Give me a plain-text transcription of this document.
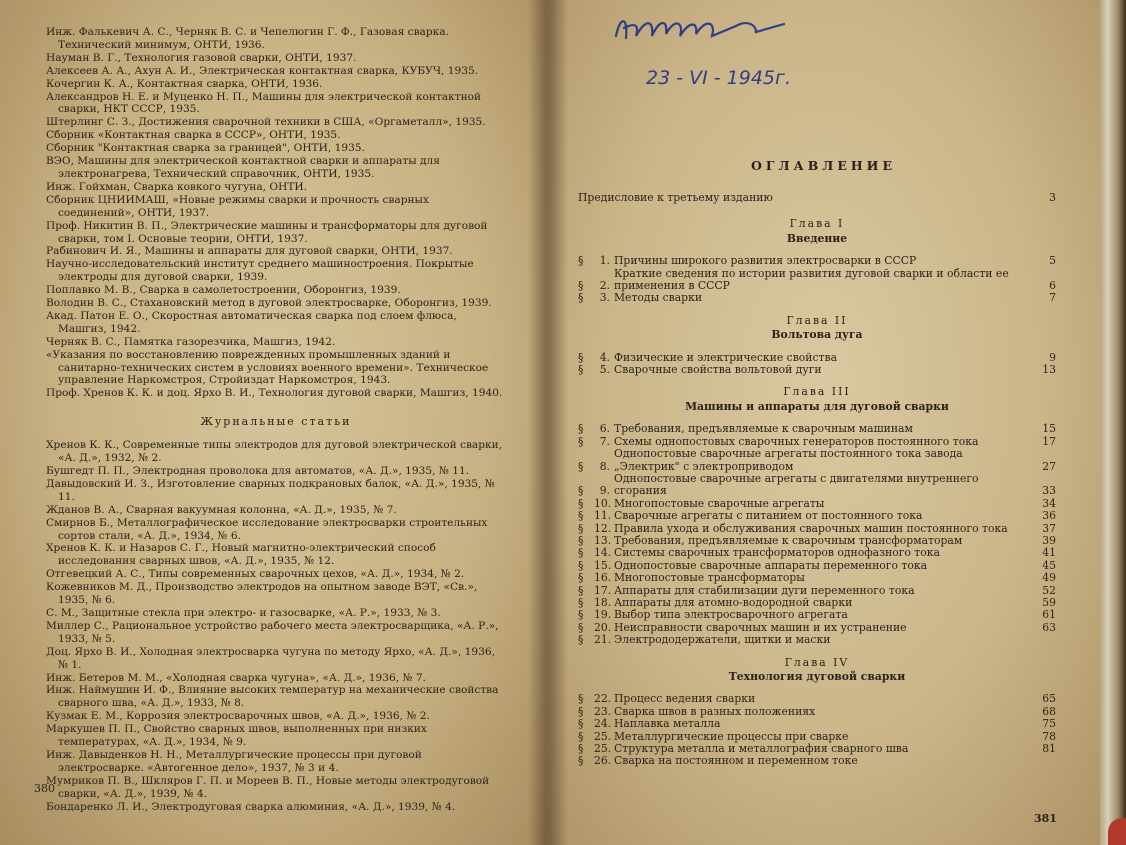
Инж. Фалькевич А. С., Черняк В. С. и Чепелюгин Г. Ф., Газовая сварка. Технический минимум, ОНТИ, 1936.

Науман В. Г., Технология газовой сварки, ОНТИ, 1937.

Алексеев А. А., Ахун А. И., Электрическая контактная сварка, КУБУЧ, 1935.

Кочергин К. А., Контактная сварка, ОНТИ, 1936.

Александров Н. Е. и Муценко Н. П., Машины для электрической контактной сварки, НКТ СССР, 1935.

Штерлинг С. З., Достижения сварочной техники в США, «Оргаметалл», 1935.

Сборник «Контактная сварка в СССР», ОНТИ, 1935.

Сборник "Контактная сварка за границей", ОНТИ, 1935.

ВЭО, Машины для электрической контактной сварки и аппараты для электронагрева, Технический справочник, ОНТИ, 1935.

Инж. Гойхман, Сварка ковкого чугуна, ОНТИ.

Сборник ЦНИИМАШ, «Новые режимы сварки и прочность сварных соединений», ОНТИ, 1937.

Проф. Никитин В. П., Электрические машины и трансформаторы для дуговой сварки, том I. Основые теории, ОНТИ, 1937.

Рабинович И. Я., Машины и аппараты для дуговой сварки, ОНТИ, 1937.

Научно-исследовательский институт среднего машиностроения. Покрытые электроды для дуговой сварки, 1939.

Поплавко М. В., Сварка в самолетостроении, Оборонгиз, 1939.

Володин В. С., Стахановский метод в дуговой электросварке, Оборонгиз, 1939.

Акад. Патон Е. О., Скоростная автоматическая сварка под слоем флюса, Машгиз, 1942.

Черняк В. С., Памятка газорезчика, Машгиз, 1942.

«Указания по восстановлению поврежденных промышленных зданий и санитарно-технических систем в условиях военного времени». Техническое управление Наркомстроя, Стройиздат Наркомстроя, 1943.

Проф. Хренов К. К. и доц. Ярхо В. И., Технология дуговой сварки, Машгиз, 1940.

Журнальные статьи

Хренов К. К., Современные типы электродов для дуговой электрической сварки, «А. Д.», 1932, № 2.

Бушгедт П. П., Электродная проволока для автоматов, «А. Д.», 1935, № 11.

Давыдовский И. З., Изготовление сварных подкрановых балок, «А. Д.», 1935, № 11.

Жданов В. А., Сварная вакуумная колонна, «А. Д.», 1935, № 7.

Смирнов Б., Металлографическое исследование электросварки строительных сортов стали, «А. Д.», 1934, № 6.

Хренов К. К. и Назаров С. Г., Новый магнитно-электрический способ исследования сварных швов, «А. Д.», 1935, № 12.

Отгевецкий А. С., Типы современных сварочных цехов, «А. Д.», 1934, № 2.

Кожевников М. Д., Производство электродов на опытном заводе ВЭТ, «Св.», 1935, № 6.

С. М., Защитные стекла при электро- и газосварке, «А. Р.», 1933, № 3.

Миллер С., Рациональное устройство рабочего места электросварщика, «А. Р.», 1933, № 5.

Доц. Ярхо В. И., Холодная электросварка чугуна по методу Ярхо, «А. Д.», 1936, № 1.

Инж. Бетеров М. М., «Холодная сварка чугуна», «А. Д.», 1936, № 7.

Инж. Наймушин И. Ф., Влияние высоких температур на механические свойства сварного шва, «А. Д.», 1933, № 8.

Кузмак Е. М., Коррозия электросварочных швов, «А. Д.», 1936, № 2.

Маркушев П. П., Свойство сварных швов, выполненных при низких температурах, «А. Д.», 1934, № 9.

Инж. Давыденков Н. Н., Металлургические процессы при дуговой электросварке. «Автогенное дело», 1937, № 3 и 4.

Мумриков П. В., Шкляров Г. П. и Мореев В. П., Новые методы электродуговой сварки, «А. Д.», 1939, № 4.

Бондаренко Л. И., Электродуговая сварка алюминия, «А. Д.», 1939, № 4.

380
23 - VI - 1945г.
ОГЛАВЛЕНИЕ
Предисловие к третьему изданию	3
Глава I
Введение
§	1. Причины широкого развития электросварки в СССР	5
§	2.
Краткие сведения по истории развития дуговой сварки и области ее применения в СССР	6
§	3. Методы сварки	7
Глава II
Вольтова дуга
§	4. Физические и электрические свойства	9
§	5. Сварочные свойства вольтовой дуги	13
Глава III
Машины и аппараты для дуговой сварки
§	6. Требования, предъявляемые к сварочным машинам	15
§	7. Схемы однопостовых сварочных генераторов постоянного тока	17
§	8.
Однопостовые сварочные агрегаты постоянного тока завода „Электрик" с электроприводом	27
§	9.
Однопостовые сварочные агрегаты с двигателями внутреннего сгорания	33
§ 10. Многопостовые сварочные агрегаты	34
§ 11. Сварочные агрегаты с питанием от постоянного тока	36
§ 12. Правила ухода и обслуживания сварочных машин постоянного тока	37
§ 13. Требования, предъявляемые к сварочным трансформаторам	39
§ 14. Системы сварочных трансформаторов однофазного тока	41
§ 15. Однопостовые сварочные аппараты переменного тока	45
§ 16. Многопостовые трансформаторы	49
§ 17. Аппараты для стабилизации дуги переменного тока	52
§ 18. Аппараты для атомно-водородной сварки	59
§ 19. Выбор типа электросварочного агрегата	61
§ 20. Неисправности сварочных машин и их устранение	63
§ 21. Электрододержатели, щитки и маски
Глава IV
Технология дуговой сварки
§ 22. Процесс ведения сварки	65
§ 23. Сварка швов в разных положениях	68
§ 24. Наплавка металла	75
§ 25. Металлургические процессы при сварке	78
§ 25. Структура металла и металлография сварного шва	81
§ 26. Сварка на постоянном и переменном токе
381
